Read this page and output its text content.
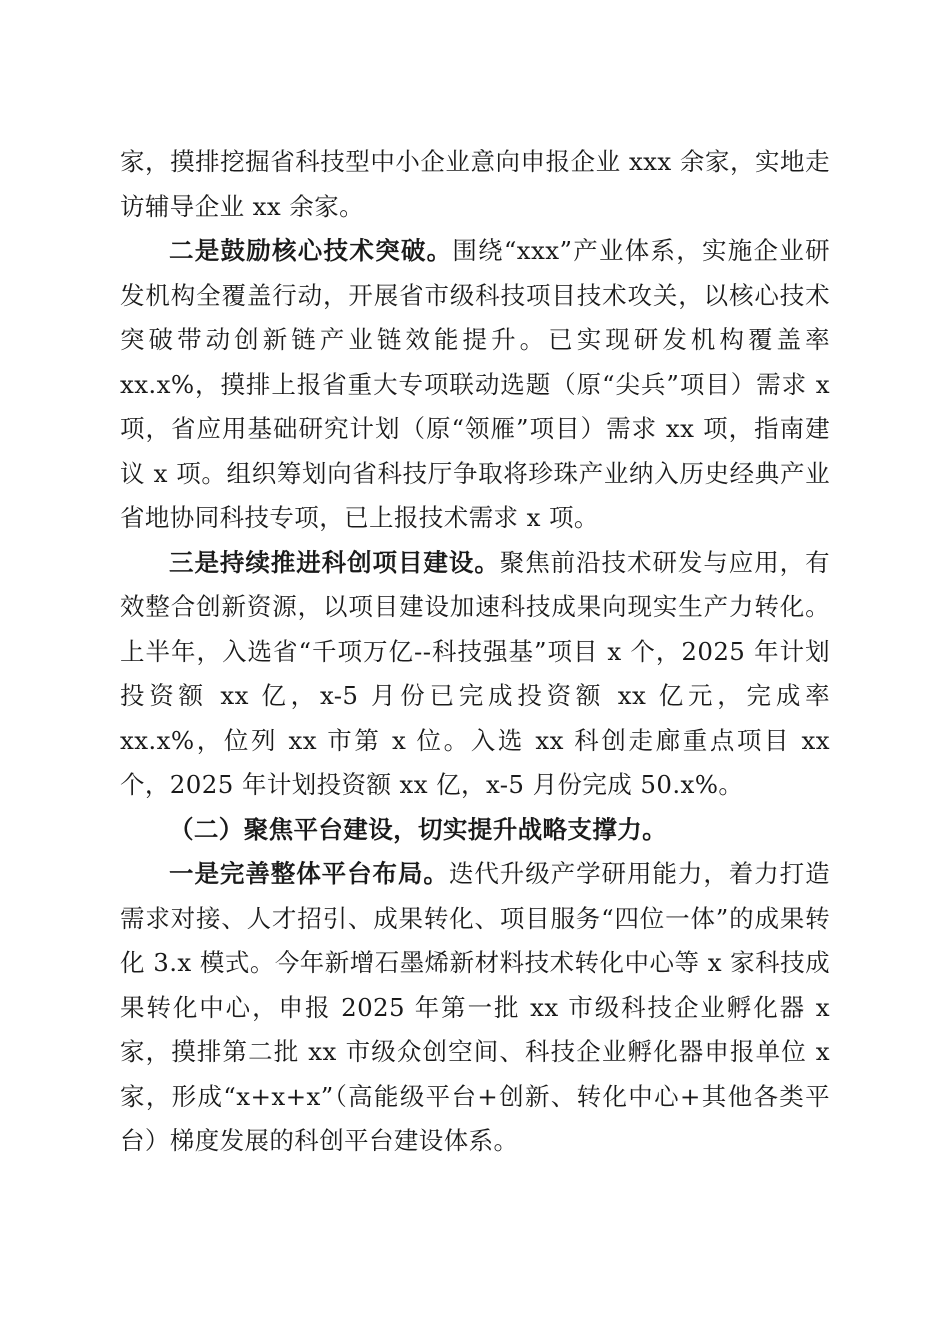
家，摸排挖掘省科技型中小企业意向申报企业 xxx 余家，实地走访辅导企业 xx 余家。

二是鼓励核心技术突破。围绕“xxx”产业体系，实施企业研发机构全覆盖行动，开展省市级科技项目技术攻关，以核心技术突破带动创新链产业链效能提升。已实现研发机构覆盖率 xx.x%，摸排上报省重大专项联动选题（原“尖兵”项目）需求 x 项，省应用基础研究计划（原“领雁”项目）需求 xx 项，指南建议 x 项。组织筹划向省科技厅争取将珍珠产业纳入历史经典产业省地协同科技专项，已上报技术需求 x 项。

三是持续推进科创项目建设。聚焦前沿技术研发与应用，有效整合创新资源，以项目建设加速科技成果向现实生产力转化。上半年，入选省“千项万亿--科技强基”项目 x 个，2025 年计划投资额 xx 亿，x-5 月份已完成投资额 xx 亿元，完成率 xx.x%，位列 xx 市第 x 位。入选 xx 科创走廊重点项目 xx 个，2025 年计划投资额 xx 亿，x-5 月份完成 50.x%。

（二）聚焦平台建设，切实提升战略支撑力。

一是完善整体平台布局。迭代升级产学研用能力，着力打造需求对接、人才招引、成果转化、项目服务“四位一体”的成果转化 3.x 模式。今年新增石墨烯新材料技术转化中心等 x 家科技成果转化中心，申报 2025 年第一批 xx 市级科技企业孵化器 x 家，摸排第二批 xx 市级众创空间、科技企业孵化器申报单位 x 家，形成“x+x+x”（高能级平台+创新、转化中心+其他各类平台）梯度发展的科创平台建设体系。
